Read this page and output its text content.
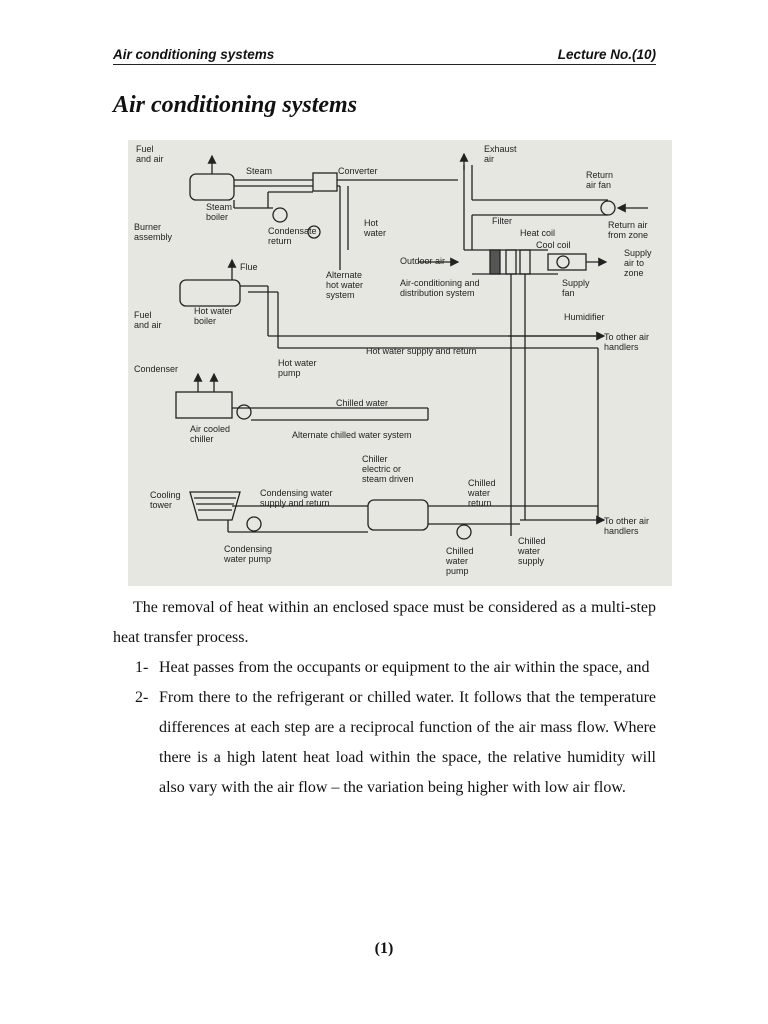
Air conditioning systems	Lecture No.(10)
Air conditioning systems
Fuel and air
Steam	Converter
Exhaust air
Return air fan
Steam boiler
Burner assembly
Condensate return
Hot water
Filter
Heat coil
Cool coil
Return air from zone
Flue
Alternate hot water system
Outdoor air
Air-conditioning and distribution system
Supply fan
Supply air to zone
Humidifier
Fuel and air
Hot water boiler
To other air handlers
Hot water supply and return
Hot water pump
Condenser
Chilled water
Air cooled chiller	Alternate chilled water system
Chiller electric or steam driven	Chilled water return
Cooling tower
Condensing water supply and return
To other air handlers
Chilled water supply
Condensing water pump
Chilled water pump

The removal of heat within an enclosed space must be considered as a multi-step heat transfer process.

1- Heat passes from the occupants or equipment to the air within the space, and

2- From there to the refrigerant or chilled water. It follows that the temperature differences at each step are a reciprocal function of the air mass flow. Where there is a high latent heat load within the space, the relative humidity will also vary with the air flow – the variation being higher with low air flow.

(1)
